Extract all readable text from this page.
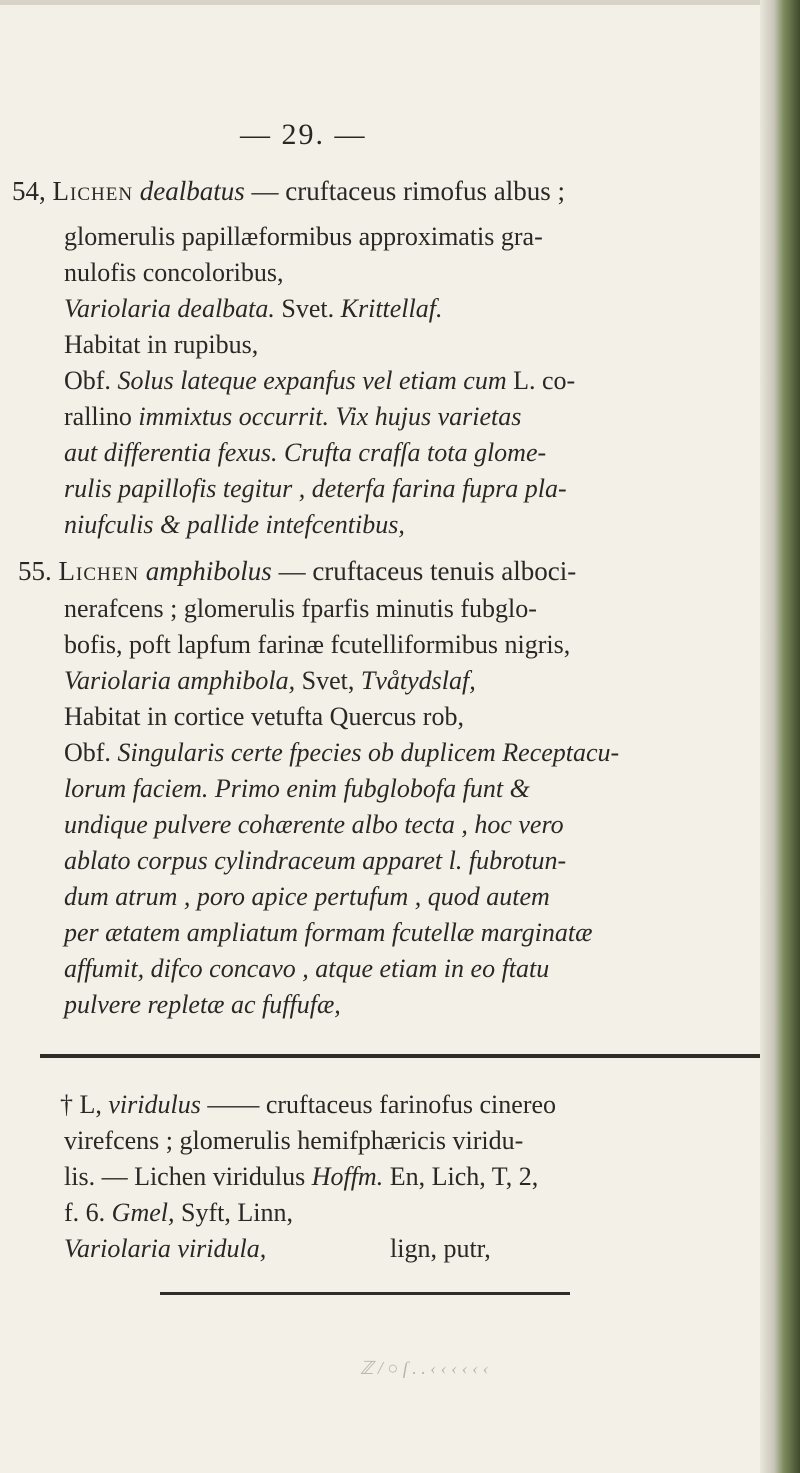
— 29. —
54, Lichen dealbatus — cruftaceus rimofus albus ;
glomerulis papillæformibus approximatis gra-
nulofis concoloribus,
Variolaria dealbata. Svet. Krittellaf.
Habitat in rupibus,
Obf. Solus lateque expanfus vel etiam cum L. co-
rallino immixtus occurrit. Vix hujus varietas
aut differentia fexus. Crufta crafſa tota glome-
rulis papillofis tegitur , deterfa farina fupra pla-
niufculis & pallide intefcentibus,
55. Lichen amphibolus — cruftaceus tenuis alboci-
nerafcens ; glomerulis fparfis minutis fubglo-
bofis, poft lapfum farinæ fcutelliformibus nigris,
Variolaria amphibola, Svet, Tvåtydslaf,
Habitat in cortice vetufta Quercus rob,
Obf. Singularis certe fpecies ob duplicem Receptacu-
lorum faciem. Primo enim fubglobofa funt &
undique pulvere cohærente albo tecta , hoc vero
ablato corpus cylindraceum apparet l. fubrotun-
dum atrum , poro apice pertufum , quod autem
per ætatem ampliatum formam fcutellæ marginatæ
affumit, difco concavo , atque etiam in eo ftatu
pulvere repletæ ac fuffufæ,
† L, viridulus —— cruftaceus farinofus cinereo
virefcens ; glomerulis hemifphæricis viridu-
lis. — Lichen viridulus Hoffm. En, Lich, T, 2,
f. 6. Gmel, Syft, Linn,
Variolaria viridula,	lign, putr,
ℤ / ○ ſ . . ‹ ‹ ‹ ‹ ‹ ‹
